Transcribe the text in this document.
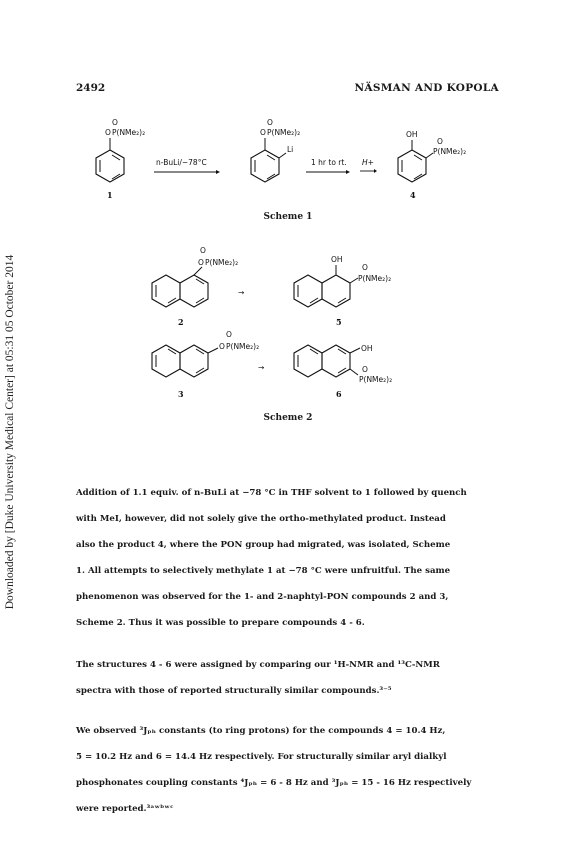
Downloaded by [Duke University Medical Center] at 05:31 05 October 2014
2492	NÄSMAN AND KOPOLA
O
O P(NMe₂)₂
1
n-BuLi/−78°C
O
O P(NMe₂)₂
Li
1 hr to rt. H+
OH
O
P(NMe₂)₂
4
Scheme 1
O
O P(NMe₂)₂
2
→
OH
O
P(NMe₂)₂
5
O
O P(NMe₂)₂
3
→
OH
O
P(NMe₂)₂
6
Scheme 2

Addition of 1.1 equiv. of n-BuLi at −78 °C in THF solvent to 1 followed by quench

with MeI, however, did not solely give the ortho-methylated product. Instead

also the product 4, where the PON group had migrated, was isolated, Scheme

1. All attempts to selectively methylate 1 at −78 °C were unfruitful. The same

phenomenon was observed for the 1- and 2-naphtyl-PON compounds 2 and 3,

Scheme 2. Thus it was possible to prepare compounds 4 - 6.

The structures 4 - 6 were assigned by comparing our ¹H-NMR and ¹³C-NMR

spectra with those of reported structurally similar compounds.³⁻⁵

We observed ³Jₚₕ constants (to ring protons) for the compounds 4 = 10.4 Hz,

5 = 10.2 Hz and 6 = 14.4 Hz respectively. For structurally similar aryl dialkyl

phosphonates coupling constants ⁴Jₚₕ = 6 - 8 Hz and ³Jₚₕ = 15 - 16 Hz respectively

were reported.³ᵃʷᵇʷᶜ
